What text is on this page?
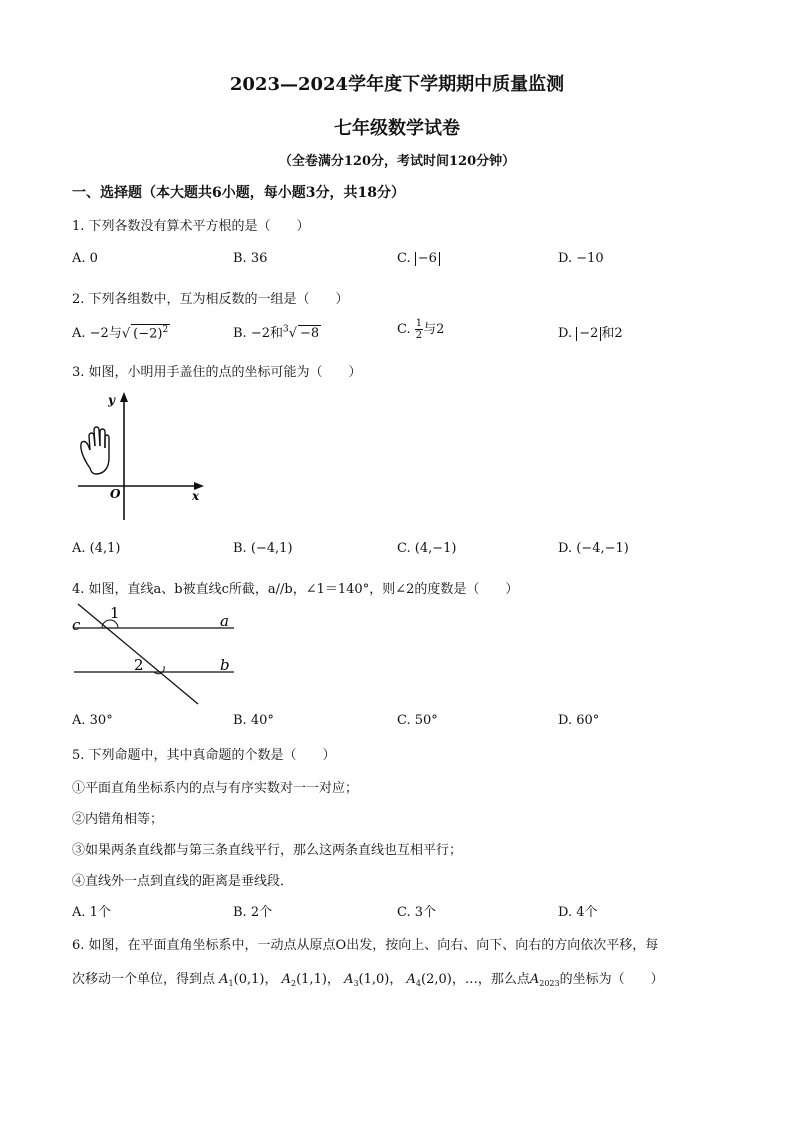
2023—2024学年度下学期期中质量监测
七年级数学试卷
（全卷满分120分，考试时间120分钟）
一、选择题（本大题共6小题，每小题3分，共18分）
1. 下列各数没有算术平方根的是（　　）
A. 0	B. 36	C. −6	D. −10
2. 下列各组数中，互为相反数的一组是（　　）
A. −2与√ $(-2)^2$	B. −2和$^3$√ −8	C. $\frac{1}{2}$ 与2	D. −2 和2
3. 如图，小明用手盖住的点的坐标可能为（　　）
y
x
O
A. (4,1)	B. (−4,1)	C. (4,−1)	D. (−4,−1)
4. 如图，直线a、b被直线c所截，a//b，∠1＝140°，则∠2的度数是（　　）
c	a
b
1
2
A. 30°	B. 40°	C. 50°	D. 60°
5. 下列命题中，其中真命题的个数是（　　）
①平面直角坐标系内的点与有序实数对一一对应；
②内错角相等；
③如果两条直线都与第三条直线平行，那么这两条直线也互相平行；
④直线外一点到直线的距离是垂线段．
A. 1个	B. 2个	C. 3个	D. 4个
6. 如图，在平面直角坐标系中，一动点从原点O出发，按向上、向右、向下、向右的方向依次平移，每
次移动一个单位，得到点 $A_1(0,1)$， $A_2(1,1)$， $A_3(1,0)$， $A_4(2,0)$，…，那么点$A_{2023}$的坐标为（　　）
